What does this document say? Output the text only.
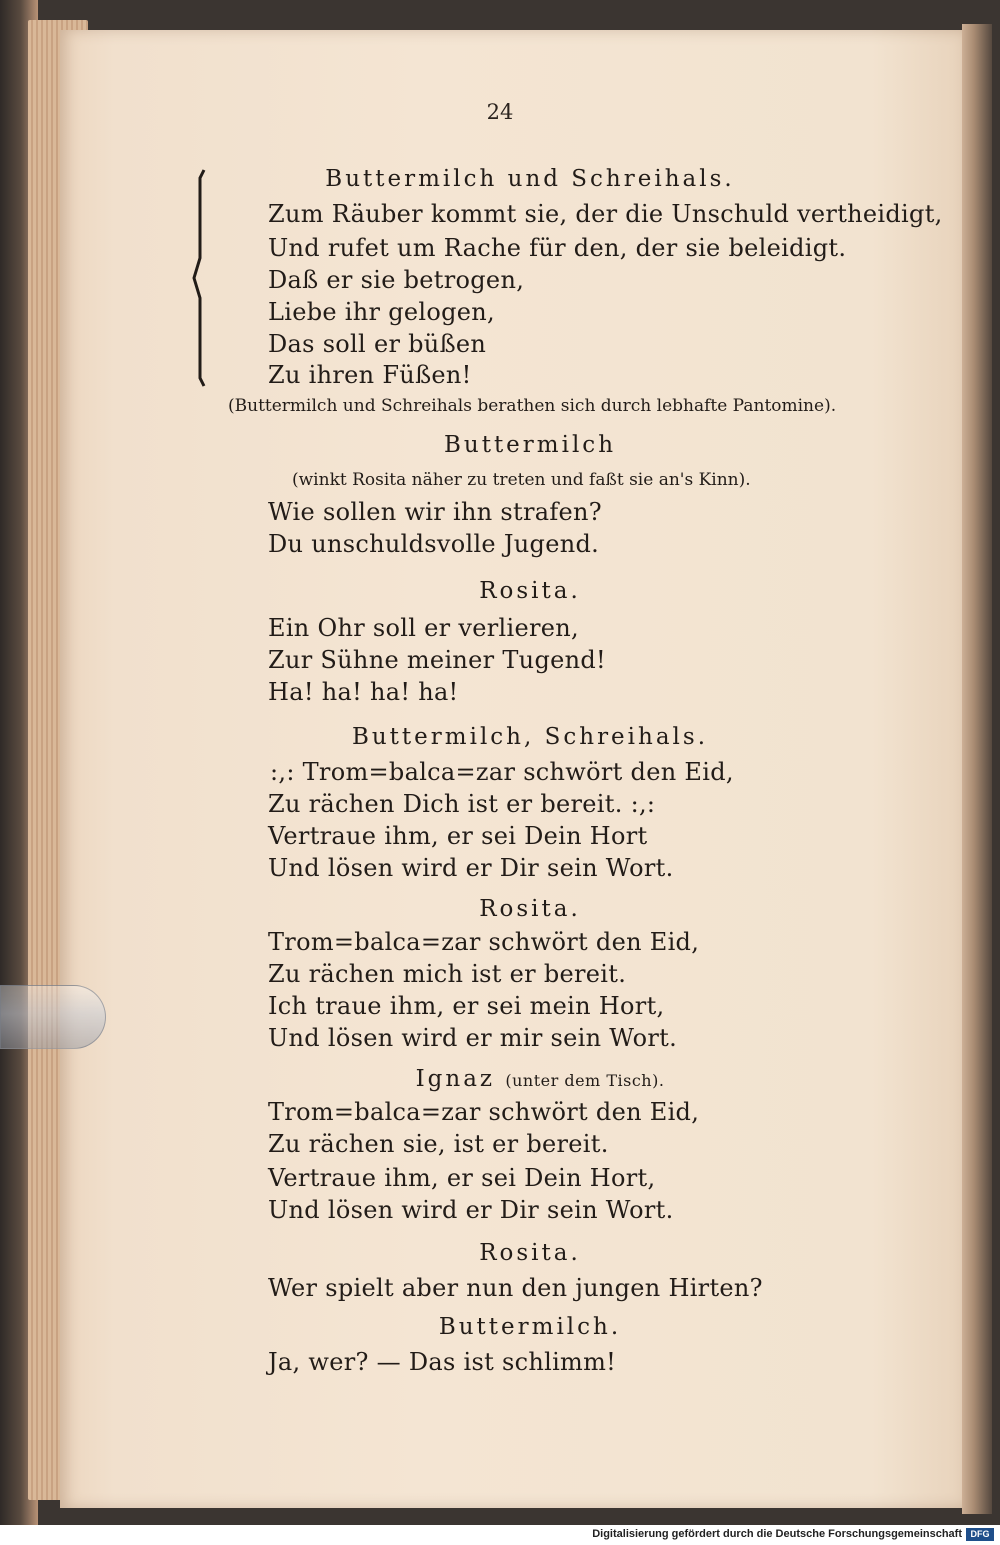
24
Buttermilch und Schreihals.
Zum Räuber kommt sie, der die Unschuld vertheidigt,
Und rufet um Rache für den, der sie beleidigt.
Daß er sie betrogen,
Liebe ihr gelogen,
Das soll er büßen
Zu ihren Füßen!
(Buttermilch und Schreihals berathen sich durch lebhafte Pantomine).
Buttermilch
(winkt Rosita näher zu treten und faßt sie an's Kinn).
Wie sollen wir ihn strafen?
Du unschuldsvolle Jugend.
Rosita.
Ein Ohr soll er verlieren,
Zur Sühne meiner Tugend!
Ha! ha! ha! ha!
Buttermilch, Schreihals.
:,: Trom=balca=zar schwört den Eid,
Zu rächen Dich ist er bereit. :,:
Vertraue ihm, er sei Dein Hort
Und lösen wird er Dir sein Wort.
Rosita.
Trom=balca=zar schwört den Eid,
Zu rächen mich ist er bereit.
Ich traue ihm, er sei mein Hort,
Und lösen wird er mir sein Wort.
Ignaz (unter dem Tisch).
Trom=balca=zar schwört den Eid,
Zu rächen sie, ist er bereit.
Vertraue ihm, er sei Dein Hort,
Und lösen wird er Dir sein Wort.
Rosita.
Wer spielt aber nun den jungen Hirten?
Buttermilch.
Ja, wer? — Das ist schlimm!
Digitalisierung gefördert durch die Deutsche Forschungsgemeinschaft DFG
